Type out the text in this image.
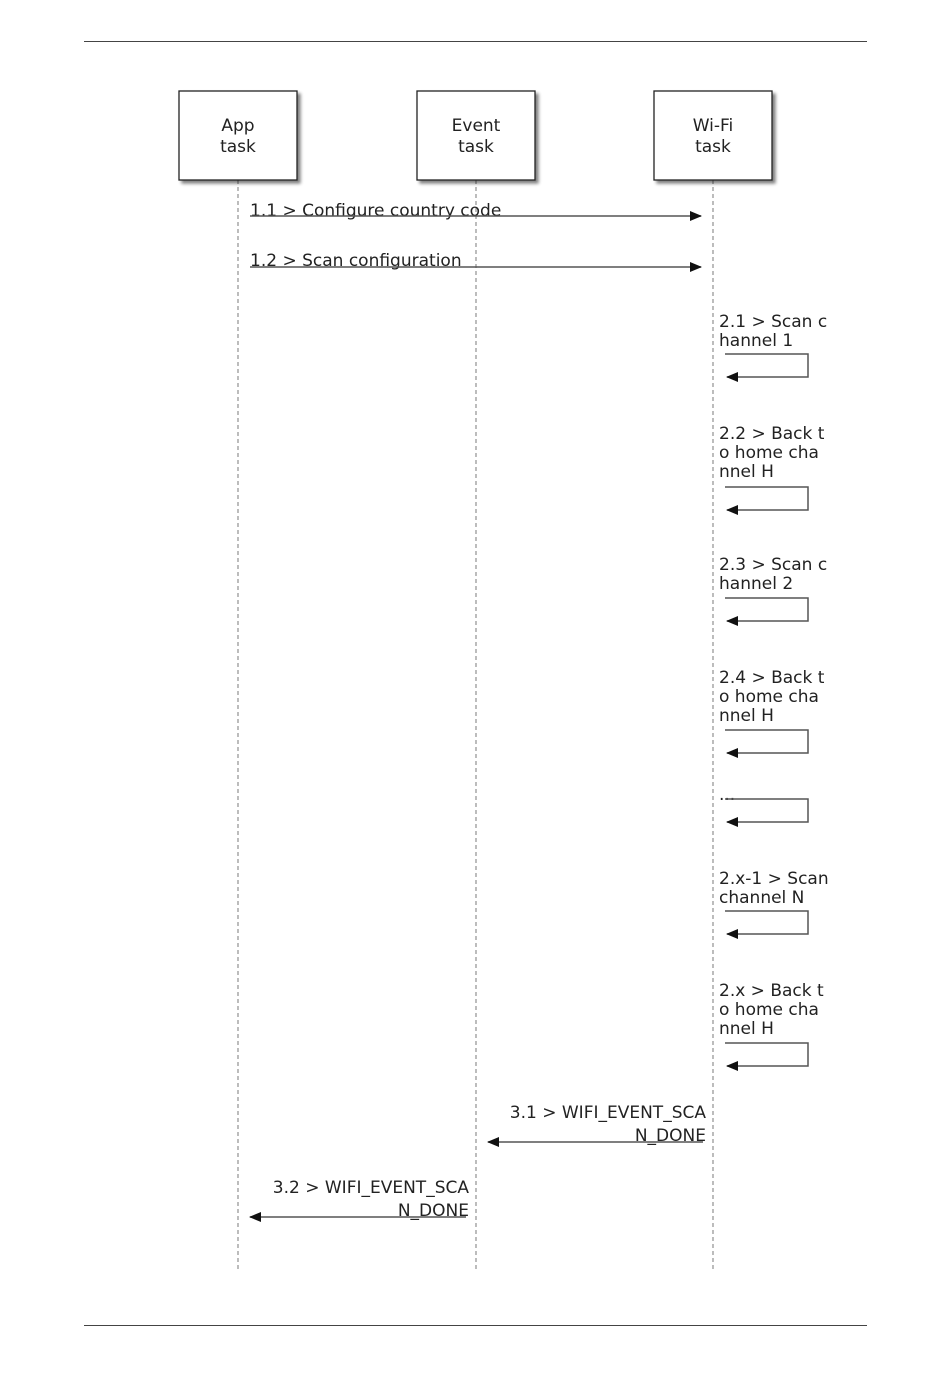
App
task
Event
task
Wi-Fi
task
1.1 > Configure country code
1.2 > Scan configuration
2.1 > Scan c
hannel 1
2.2 > Back t
o home cha
nnel H
2.3 > Scan c
hannel 2
2.4 > Back t
o home cha
nnel H
...
2.x-1 > Scan
channel N
2.x > Back t
o home cha
nnel H
3.1 > WIFI_EVENT_SCA
N_DONE
3.2 > WIFI_EVENT_SCA
N_DONE
